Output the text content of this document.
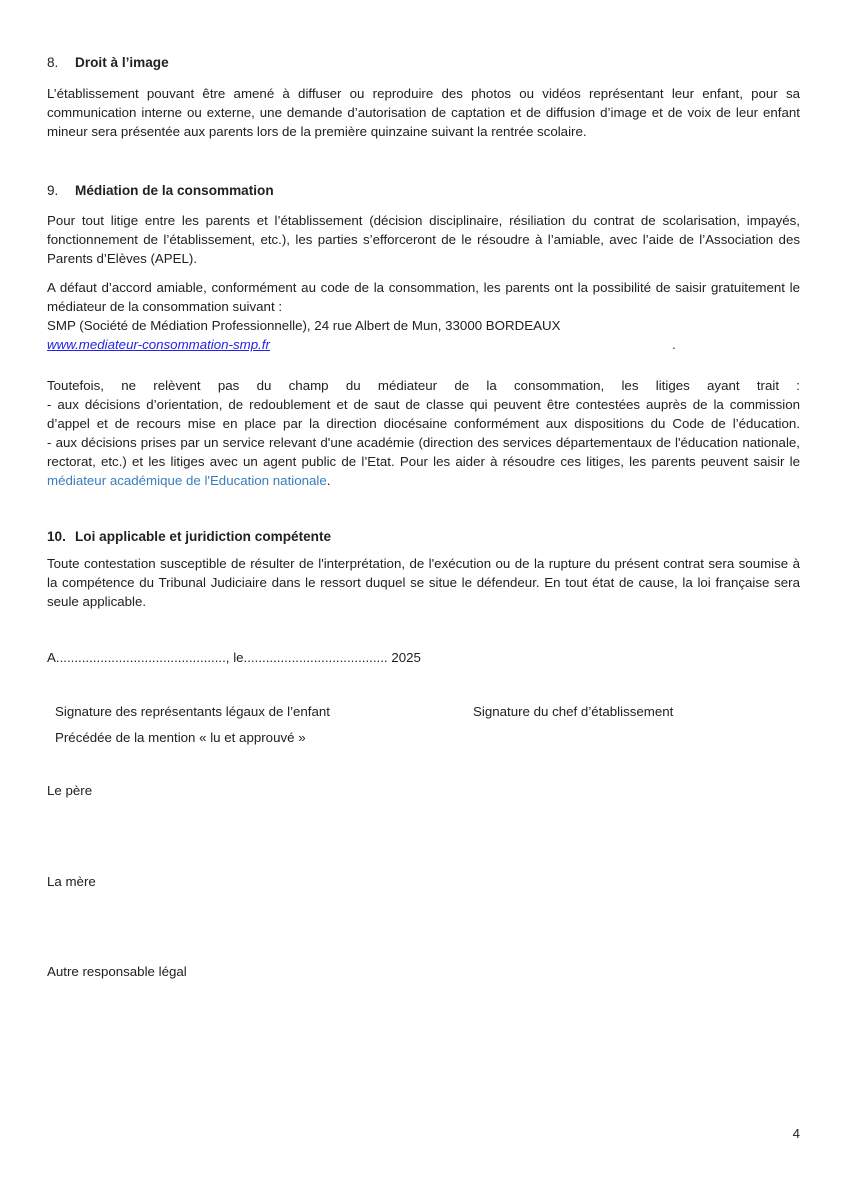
8.	Droit à l’image

L’établissement pouvant être amené à diffuser ou reproduire des photos ou vidéos représentant leur enfant, pour sa communication interne ou externe, une demande d’autorisation de captation et de diffusion d’image et de voix de leur enfant mineur sera présentée aux parents lors de la première quinzaine suivant la rentrée scolaire.

9.	Médiation de la consommation

Pour tout litige entre les parents et l’établissement (décision disciplinaire, résiliation du contrat de scolarisation, impayés, fonctionnement de l’établissement, etc.), les parties s’efforceront de le résoudre à l’amiable, avec l’aide de l’Association des Parents d’Elèves (APEL).

A défaut d’accord amiable, conformément au code de la consommation, les parents ont la possibilité de saisir gratuitement le médiateur de la consommation suivant :

SMP (Société de Médiation Professionnelle), 24 rue Albert de Mun, 33000 BORDEAUX
www.mediateur-consommation-smp.fr	.

Toutefois, ne relèvent pas du champ du médiateur de la consommation, les litiges ayant trait :

- aux décisions d’orientation, de redoublement et de saut de classe qui peuvent être contestées auprès de la commission d’appel et de recours mise en place par la direction diocésaine conformément aux dispositions du Code de l’éducation.

- aux décisions prises par un service relevant d'une académie (direction des services départementaux de l'éducation nationale, rectorat, etc.) et les litiges avec un agent public de l’Etat. Pour les aider à résoudre ces litiges, les parents peuvent saisir le médiateur académique de l'Education nationale.

10. Loi applicable et juridiction compétente

Toute contestation susceptible de résulter de l'interprétation, de l'exécution ou de la rupture du présent contrat sera soumise à la compétence du Tribunal Judiciaire dans le ressort duquel se situe le défendeur. En tout état de cause, la loi française sera seule applicable.

A.............................................., le....................................... 2025
Signature des représentants légaux de l’enfant	Signature du chef d’établissement
Précédée de la mention « lu et approuvé »
Le père
La mère
Autre responsable légal
4
